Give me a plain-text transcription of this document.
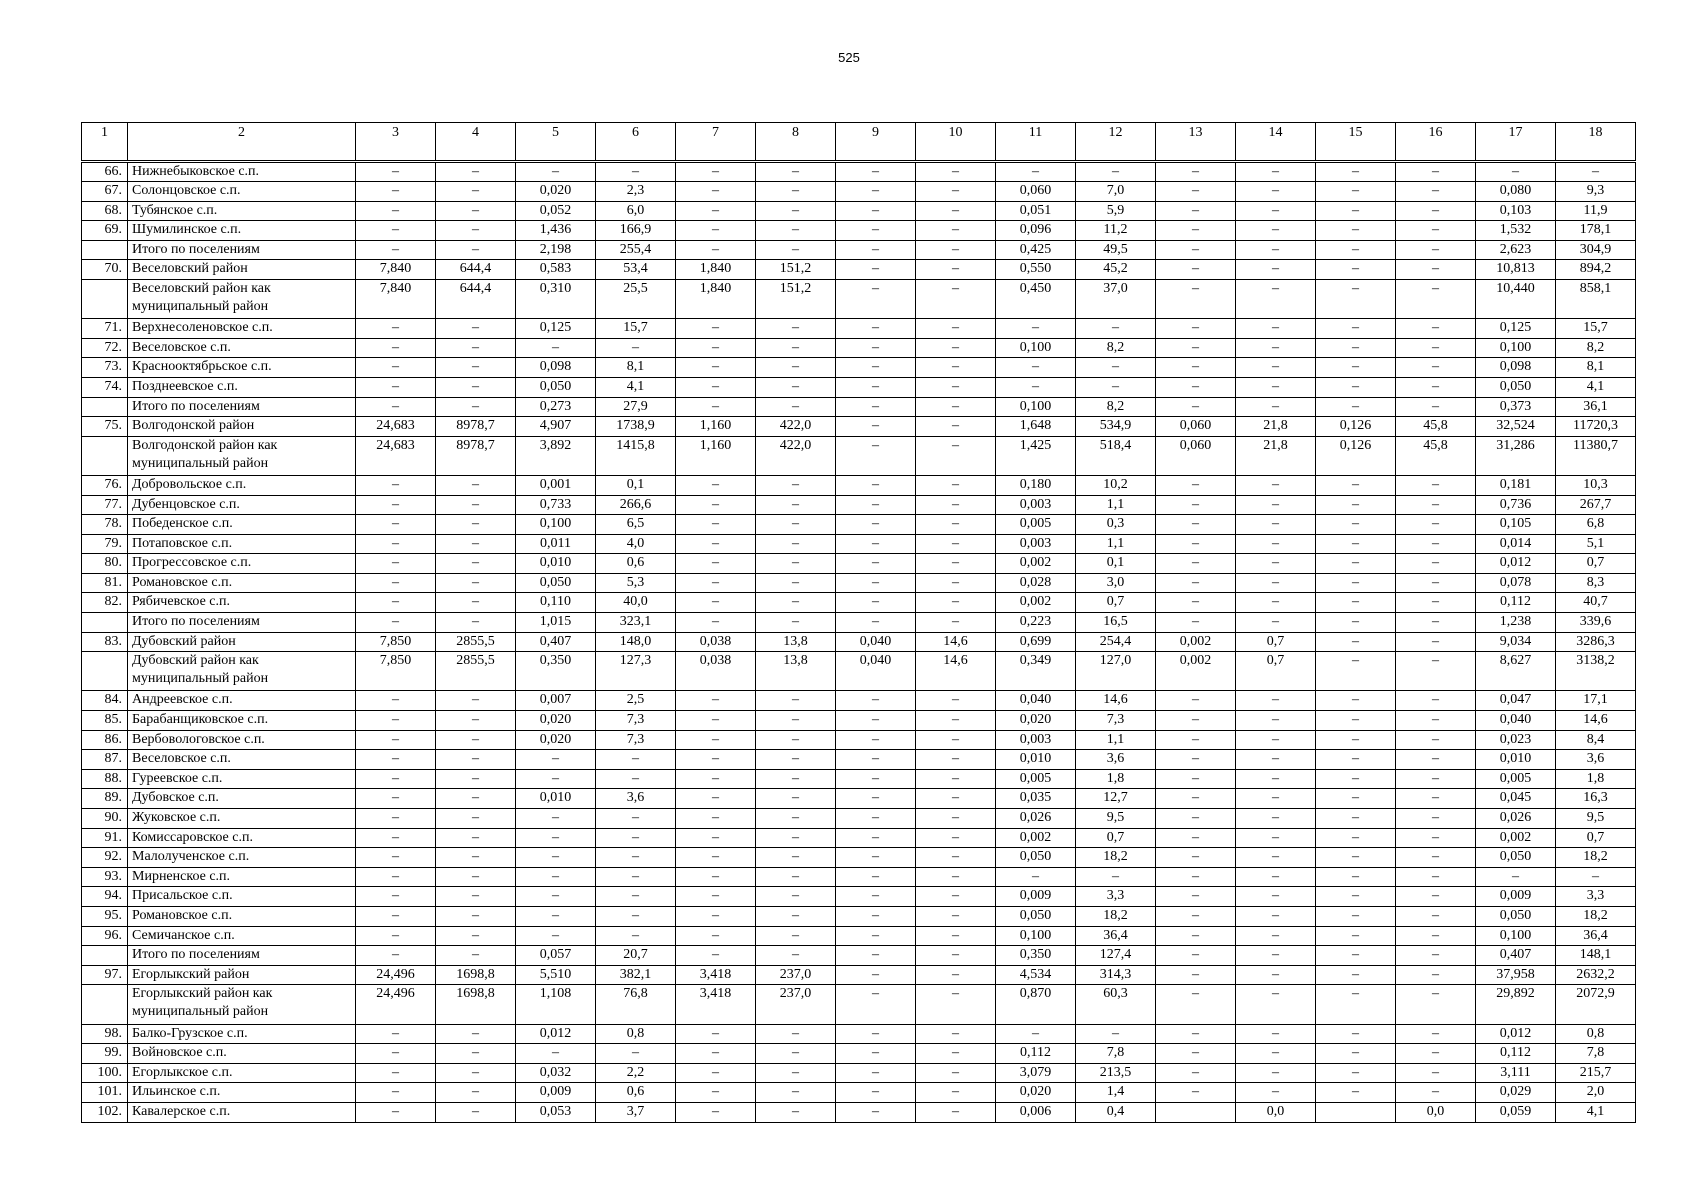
525
1	2	3	4	5	6	7	8	9	10	11	12	13	14	15	16	17	18
66.	Нижнебыковское с.п.	–	–	–	–	–	–	–	–	–	–	–	–	–	–	–	–
67.	Солонцовское с.п.	–	–	0,020	2,3	–	–	–	–	0,060	7,0	–	–	–	–	0,080	9,3
68.	Тубянское с.п.	–	–	0,052	6,0	–	–	–	–	0,051	5,9	–	–	–	–	0,103	11,9
69.	Шумилинское с.п.	–	–	1,436	166,9	–	–	–	–	0,096	11,2	–	–	–	–	1,532	178,1
	Итого по поселениям	–	–	2,198	255,4	–	–	–	–	0,425	49,5	–	–	–	–	2,623	304,9
70.	Веселовский район	7,840	644,4	0,583	53,4	1,840	151,2	–	–	0,550	45,2	–	–	–	–	10,813	894,2
	Веселовский район как муниципальный район	7,840	644,4	0,310	25,5	1,840	151,2	–	–	0,450	37,0	–	–	–	–	10,440	858,1
71.	Верхнесоленовское с.п.	–	–	0,125	15,7	–	–	–	–	–	–	–	–	–	–	0,125	15,7
72.	Веселовское с.п.	–	–	–	–	–	–	–	–	0,100	8,2	–	–	–	–	0,100	8,2
73.	Краснооктябрьское с.п.	–	–	0,098	8,1	–	–	–	–	–	–	–	–	–	–	0,098	8,1
74.	Позднеевское с.п.	–	–	0,050	4,1	–	–	–	–	–	–	–	–	–	–	0,050	4,1
	Итого по поселениям	–	–	0,273	27,9	–	–	–	–	0,100	8,2	–	–	–	–	0,373	36,1
75.	Волгодонской район	24,683	8978,7	4,907	1738,9	1,160	422,0	–	–	1,648	534,9	0,060	21,8	0,126	45,8	32,524	11720,3
	Волгодонской район как муниципальный район	24,683	8978,7	3,892	1415,8	1,160	422,0	–	–	1,425	518,4	0,060	21,8	0,126	45,8	31,286	11380,7
76.	Добровольское с.п.	–	–	0,001	0,1	–	–	–	–	0,180	10,2	–	–	–	–	0,181	10,3
77.	Дубенцовское с.п.	–	–	0,733	266,6	–	–	–	–	0,003	1,1	–	–	–	–	0,736	267,7
78.	Победенское с.п.	–	–	0,100	6,5	–	–	–	–	0,005	0,3	–	–	–	–	0,105	6,8
79.	Потаповское с.п.	–	–	0,011	4,0	–	–	–	–	0,003	1,1	–	–	–	–	0,014	5,1
80.	Прогрессовское с.п.	–	–	0,010	0,6	–	–	–	–	0,002	0,1	–	–	–	–	0,012	0,7
81.	Романовское с.п.	–	–	0,050	5,3	–	–	–	–	0,028	3,0	–	–	–	–	0,078	8,3
82.	Рябичевское с.п.	–	–	0,110	40,0	–	–	–	–	0,002	0,7	–	–	–	–	0,112	40,7
	Итого по поселениям	–	–	1,015	323,1	–	–	–	–	0,223	16,5	–	–	–	–	1,238	339,6
83.	Дубовский район	7,850	2855,5	0,407	148,0	0,038	13,8	0,040	14,6	0,699	254,4	0,002	0,7	–	–	9,034	3286,3
	Дубовский район как муниципальный район	7,850	2855,5	0,350	127,3	0,038	13,8	0,040	14,6	0,349	127,0	0,002	0,7	–	–	8,627	3138,2
84.	Андреевское с.п.	–	–	0,007	2,5	–	–	–	–	0,040	14,6	–	–	–	–	0,047	17,1
85.	Барабанщиковское с.п.	–	–	0,020	7,3	–	–	–	–	0,020	7,3	–	–	–	–	0,040	14,6
86.	Вербовологовское с.п.	–	–	0,020	7,3	–	–	–	–	0,003	1,1	–	–	–	–	0,023	8,4
87.	Веселовское с.п.	–	–	–	–	–	–	–	–	0,010	3,6	–	–	–	–	0,010	3,6
88.	Гуреевское с.п.	–	–	–	–	–	–	–	–	0,005	1,8	–	–	–	–	0,005	1,8
89.	Дубовское с.п.	–	–	0,010	3,6	–	–	–	–	0,035	12,7	–	–	–	–	0,045	16,3
90.	Жуковское с.п.	–	–	–	–	–	–	–	–	0,026	9,5	–	–	–	–	0,026	9,5
91.	Комиссаровское с.п.	–	–	–	–	–	–	–	–	0,002	0,7	–	–	–	–	0,002	0,7
92.	Малолученское с.п.	–	–	–	–	–	–	–	–	0,050	18,2	–	–	–	–	0,050	18,2
93.	Мирненское с.п.	–	–	–	–	–	–	–	–	–	–	–	–	–	–	–	–
94.	Присальское с.п.	–	–	–	–	–	–	–	–	0,009	3,3	–	–	–	–	0,009	3,3
95.	Романовское с.п.	–	–	–	–	–	–	–	–	0,050	18,2	–	–	–	–	0,050	18,2
96.	Семичанское с.п.	–	–	–	–	–	–	–	–	0,100	36,4	–	–	–	–	0,100	36,4
	Итого по поселениям	–	–	0,057	20,7	–	–	–	–	0,350	127,4	–	–	–	–	0,407	148,1
97.	Егорлыкский район	24,496	1698,8	5,510	382,1	3,418	237,0	–	–	4,534	314,3	–	–	–	–	37,958	2632,2
	Егорлыкский район как муниципальный район	24,496	1698,8	1,108	76,8	3,418	237,0	–	–	0,870	60,3	–	–	–	–	29,892	2072,9
98.	Балко-Грузское с.п.	–	–	0,012	0,8	–	–	–	–	–	–	–	–	–	–	0,012	0,8
99.	Войновское с.п.	–	–	–	–	–	–	–	–	0,112	7,8	–	–	–	–	0,112	7,8
100.	Егорлыкское с.п.	–	–	0,032	2,2	–	–	–	–	3,079	213,5	–	–	–	–	3,111	215,7
101.	Ильинское с.п.	–	–	0,009	0,6	–	–	–	–	0,020	1,4	–	–	–	–	0,029	2,0
102.	Кавалерское с.п.	–	–	0,053	3,7	–	–	–	–	0,006	0,4		0,0		0,0	0,059	4,1
